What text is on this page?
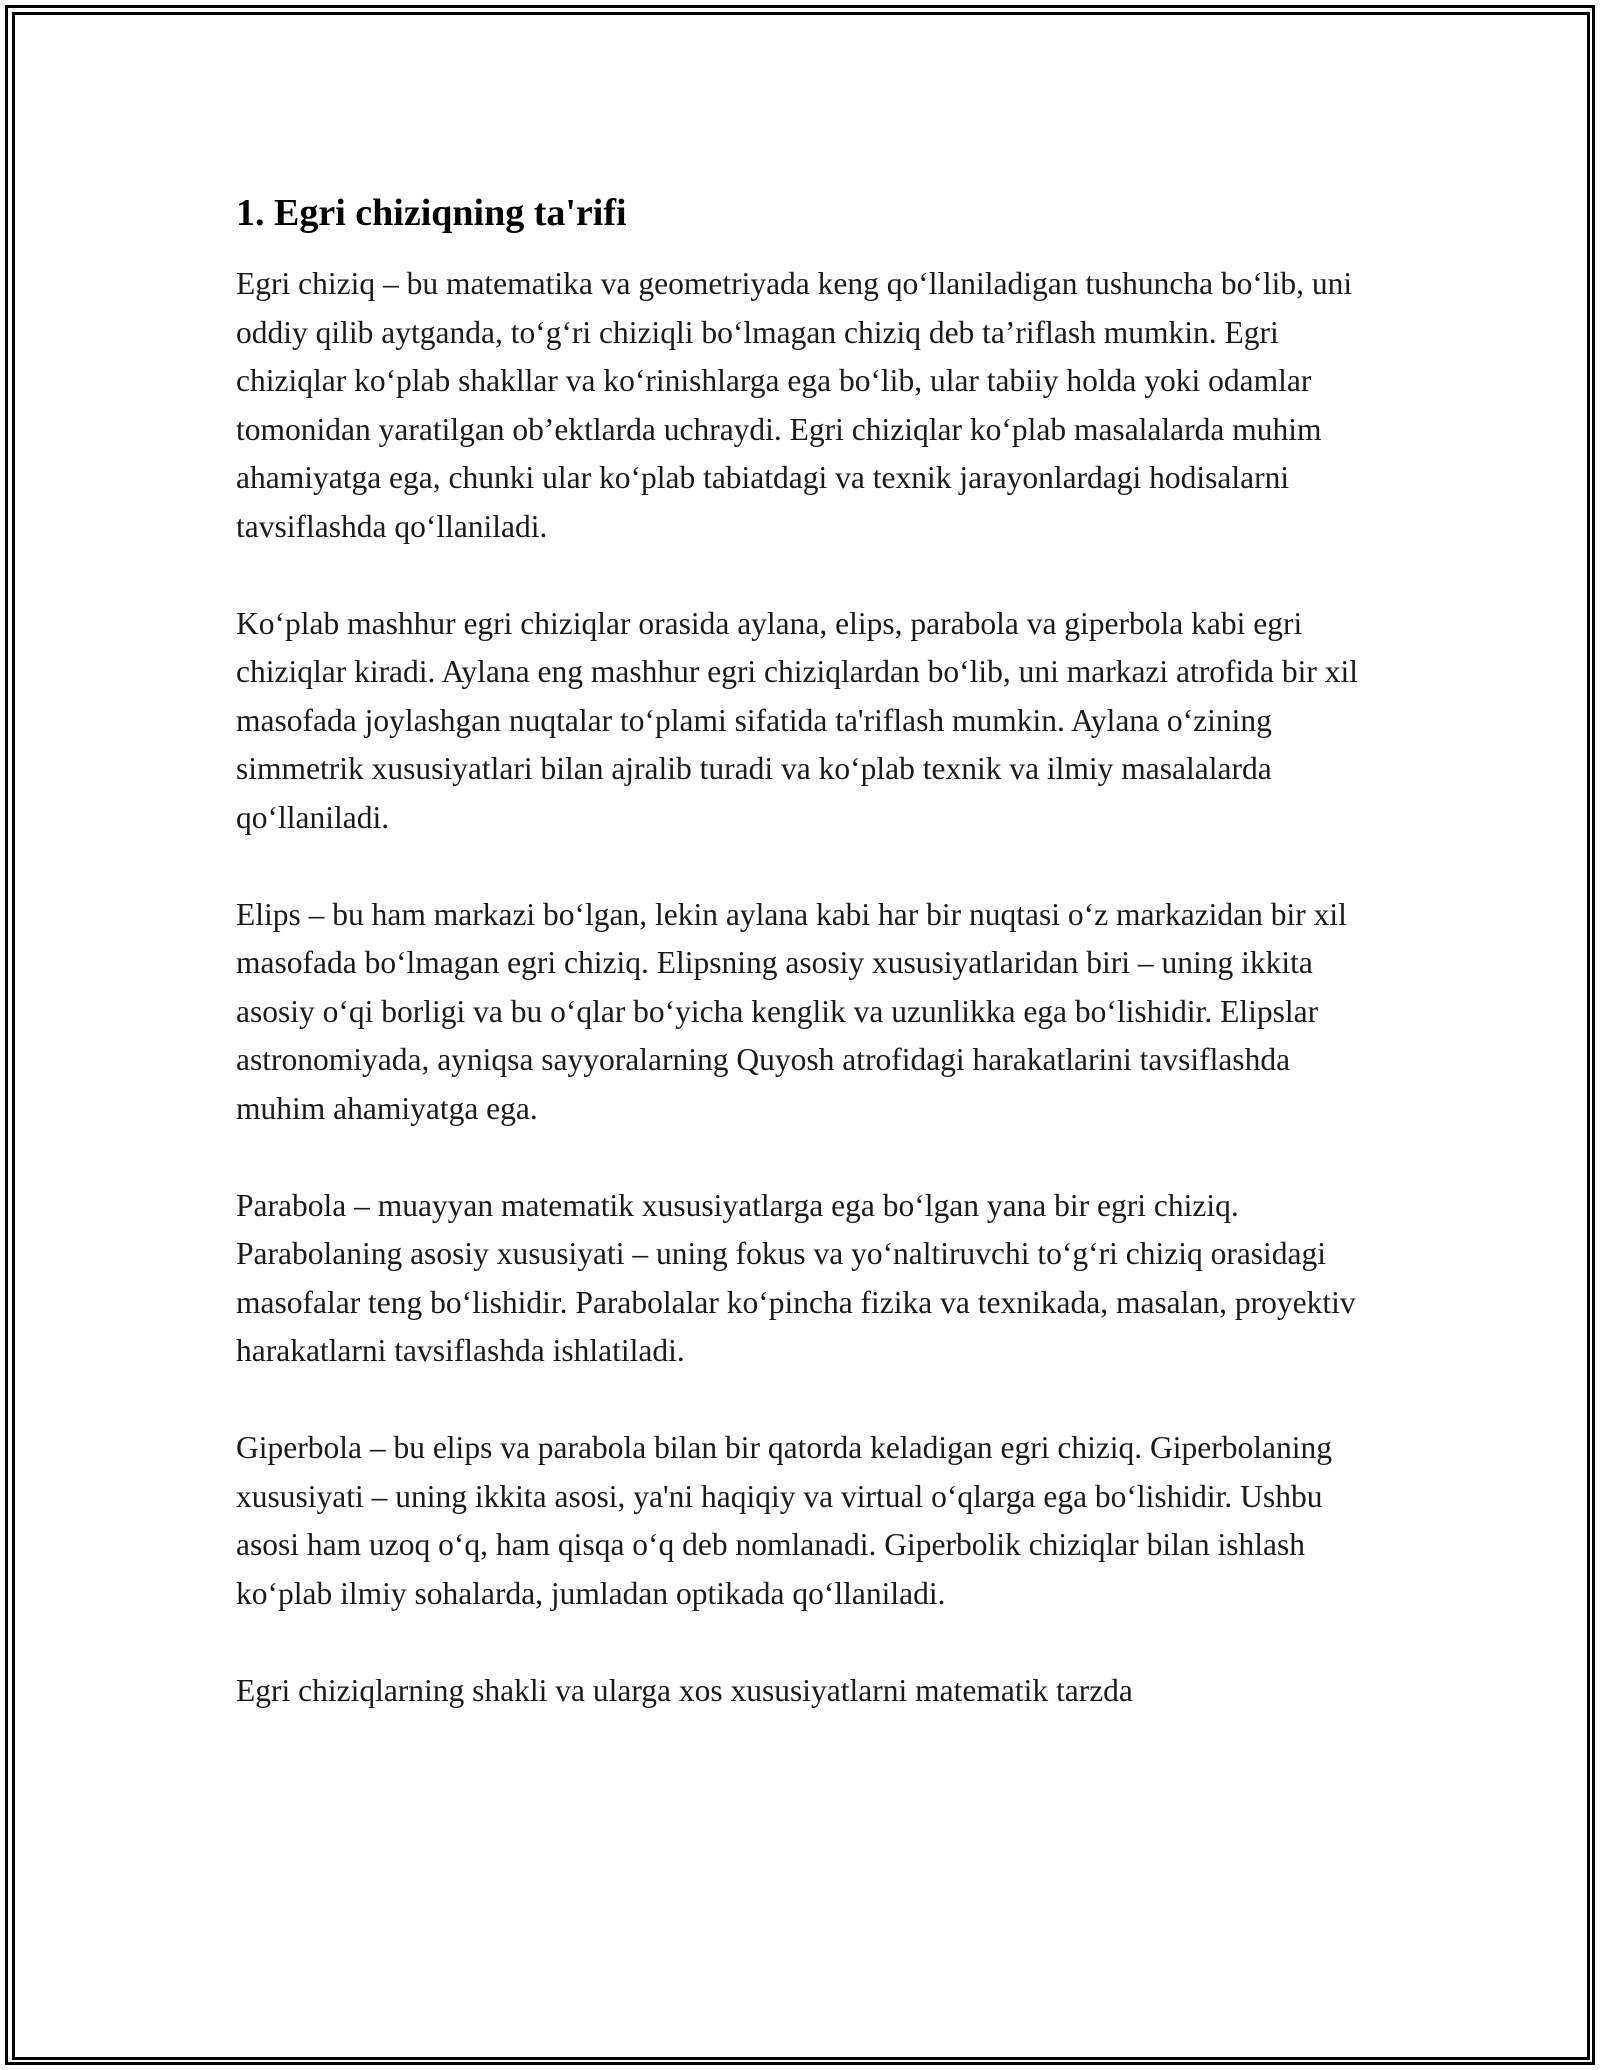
1. Egri chiziqning ta'rifi

Egri chiziq – bu matematika va geometriyada keng qo‘llaniladigan tushuncha bo‘lib, uni oddiy qilib aytganda, to‘g‘ri chiziqli bo‘lmagan chiziq deb ta’riflash mumkin. Egri chiziqlar ko‘plab shakllar va ko‘rinishlarga ega bo‘lib, ular tabiiy holda yoki odamlar tomonidan yaratilgan ob’ektlarda uchraydi. Egri chiziqlar ko‘plab masalalarda muhim ahamiyatga ega, chunki ular ko‘plab tabiatdagi va texnik jarayonlardagi hodisalarni tavsiflashda qo‘llaniladi.

Ko‘plab mashhur egri chiziqlar orasida aylana, elips, parabola va giperbola kabi egri chiziqlar kiradi. Aylana eng mashhur egri chiziqlardan bo‘lib, uni markazi atrofida bir xil masofada joylashgan nuqtalar to‘plami sifatida ta'riflash mumkin. Aylana o‘zining simmetrik xususiyatlari bilan ajralib turadi va ko‘plab texnik va ilmiy masalalarda qo‘llaniladi.

Elips – bu ham markazi bo‘lgan, lekin aylana kabi har bir nuqtasi o‘z markazidan bir xil masofada bo‘lmagan egri chiziq. Elipsning asosiy xususiyatlaridan biri – uning ikkita asosiy o‘qi borligi va bu o‘qlar bo‘yicha kenglik va uzunlikka ega bo‘lishidir. Elipslar astronomiyada, ayniqsa sayyoralarning Quyosh atrofidagi harakatlarini tavsiflashda muhim ahamiyatga ega.

Parabola – muayyan matematik xususiyatlarga ega bo‘lgan yana bir egri chiziq. Parabolaning asosiy xususiyati – uning fokus va yo‘naltiruvchi to‘g‘ri chiziq orasidagi masofalar teng bo‘lishidir. Parabolalar ko‘pincha fizika va texnikada, masalan, proyektiv harakatlarni tavsiflashda ishlatiladi.

Giperbola – bu elips va parabola bilan bir qatorda keladigan egri chiziq. Giperbolaning xususiyati – uning ikkita asosi, ya'ni haqiqiy va virtual o‘qlarga ega bo‘lishidir. Ushbu asosi ham uzoq o‘q, ham qisqa o‘q deb nomlanadi. Giperbolik chiziqlar bilan ishlash ko‘plab ilmiy sohalarda, jumladan optikada qo‘llaniladi.

Egri chiziqlarning shakli va ularga xos xususiyatlarni matematik tarzda
